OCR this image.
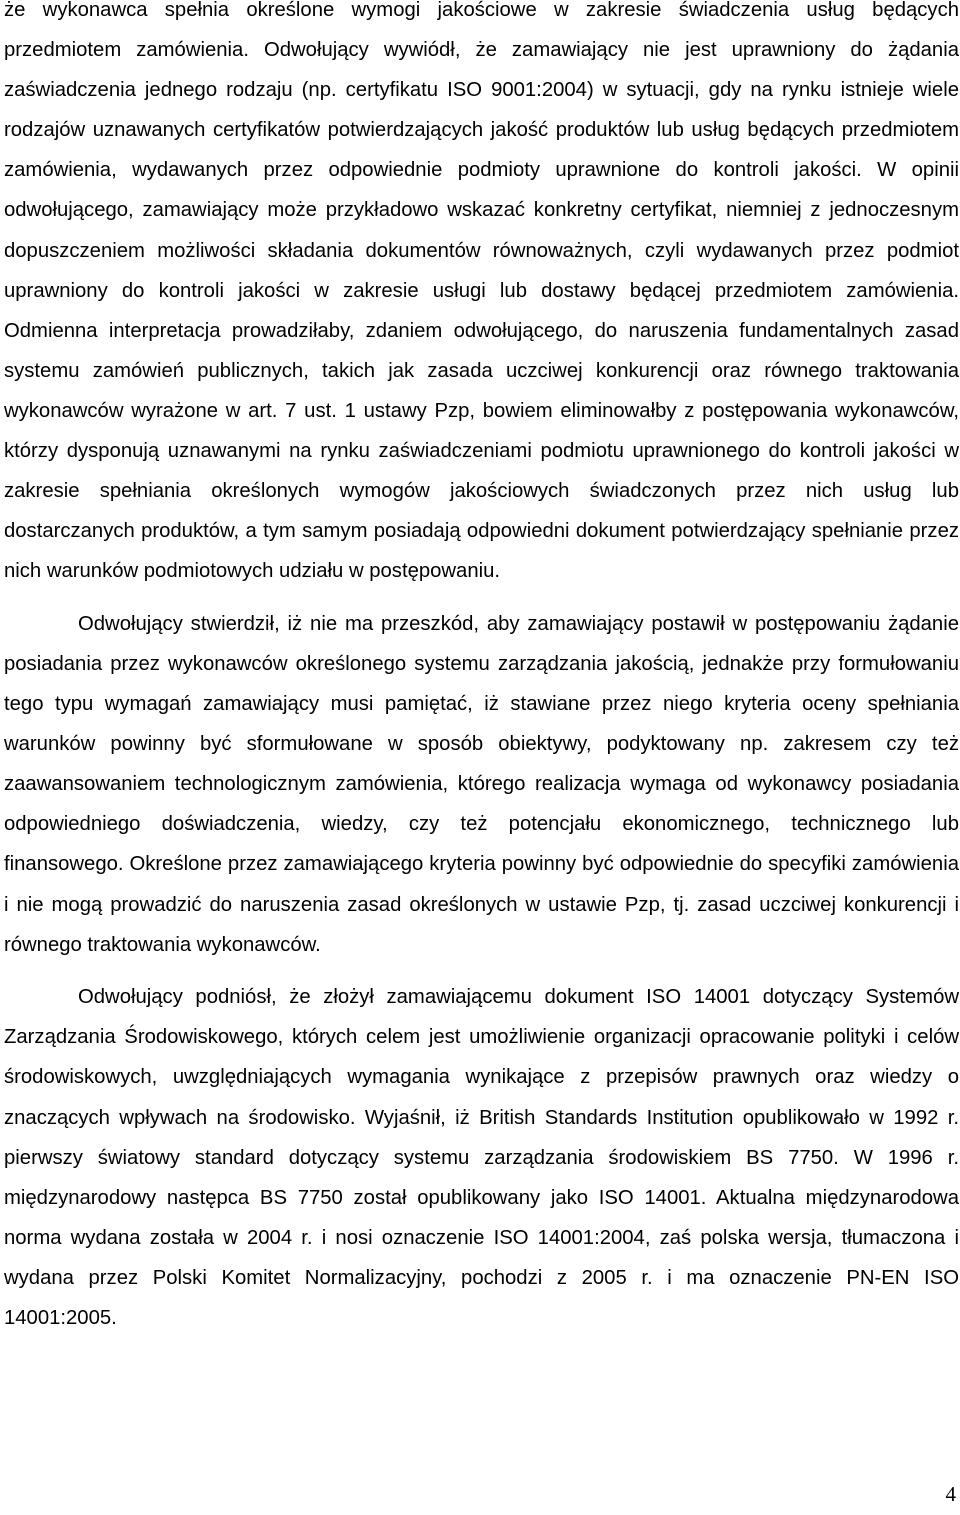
że wykonawca spełnia określone wymogi jakościowe w zakresie świadczenia usług będących przedmiotem zamówienia. Odwołujący wywiódł, że zamawiający nie jest uprawniony do żądania zaświadczenia jednego rodzaju (np. certyfikatu ISO 9001:2004) w sytuacji, gdy na rynku istnieje wiele rodzajów uznawanych certyfikatów potwierdzających jakość produktów lub usług będących przedmiotem zamówienia, wydawanych przez odpowiednie podmioty uprawnione do kontroli jakości. W opinii odwołującego, zamawiający może przykładowo wskazać konkretny certyfikat, niemniej z jednoczesnym dopuszczeniem możliwości składania dokumentów równoważnych, czyli wydawanych przez podmiot uprawniony do kontroli jakości w zakresie usługi lub dostawy będącej przedmiotem zamówienia. Odmienna interpretacja prowadziłaby, zdaniem odwołującego, do naruszenia fundamentalnych zasad systemu zamówień publicznych, takich jak zasada uczciwej konkurencji oraz równego traktowania wykonawców wyrażone w art. 7 ust. 1 ustawy Pzp, bowiem eliminowałby z postępowania wykonawców, którzy dysponują uznawanymi na rynku zaświadczeniami podmiotu uprawnionego do kontroli jakości w zakresie spełniania określonych wymogów jakościowych świadczonych przez nich usług lub dostarczanych produktów, a tym samym posiadają odpowiedni dokument potwierdzający spełnianie przez nich warunków podmiotowych udziału w postępowaniu.

Odwołujący stwierdził, iż nie ma przeszkód, aby zamawiający postawił w postępowaniu żądanie posiadania przez wykonawców określonego systemu zarządzania jakością, jednakże przy formułowaniu tego typu wymagań zamawiający musi pamiętać, iż stawiane przez niego kryteria oceny spełniania warunków powinny być sformułowane w sposób obiektywy, podyktowany np. zakresem czy też zaawansowaniem technologicznym zamówienia, którego realizacja wymaga od wykonawcy posiadania odpowiedniego doświadczenia, wiedzy, czy też potencjału ekonomicznego, technicznego lub finansowego. Określone przez zamawiającego kryteria powinny być odpowiednie do specyfiki zamówienia i nie mogą prowadzić do naruszenia zasad określonych w ustawie Pzp, tj. zasad uczciwej konkurencji i równego traktowania wykonawców.

Odwołujący podniósł, że złożył zamawiającemu dokument ISO 14001 dotyczący Systemów Zarządzania Środowiskowego, których celem jest umożliwienie organizacji opracowanie polityki i celów środowiskowych, uwzględniających wymagania wynikające z przepisów prawnych oraz wiedzy o znaczących wpływach na środowisko. Wyjaśnił, iż British Standards Institution opublikowało w 1992 r. pierwszy światowy standard dotyczący systemu zarządzania środowiskiem BS 7750. W 1996 r. międzynarodowy następca BS 7750 został opublikowany jako ISO 14001. Aktualna międzynarodowa norma wydana została w 2004 r. i nosi oznaczenie ISO 14001:2004, zaś polska wersja, tłumaczona i wydana przez Polski Komitet Normalizacyjny, pochodzi z 2005 r. i ma oznaczenie PN-EN ISO 14001:2005.

4
